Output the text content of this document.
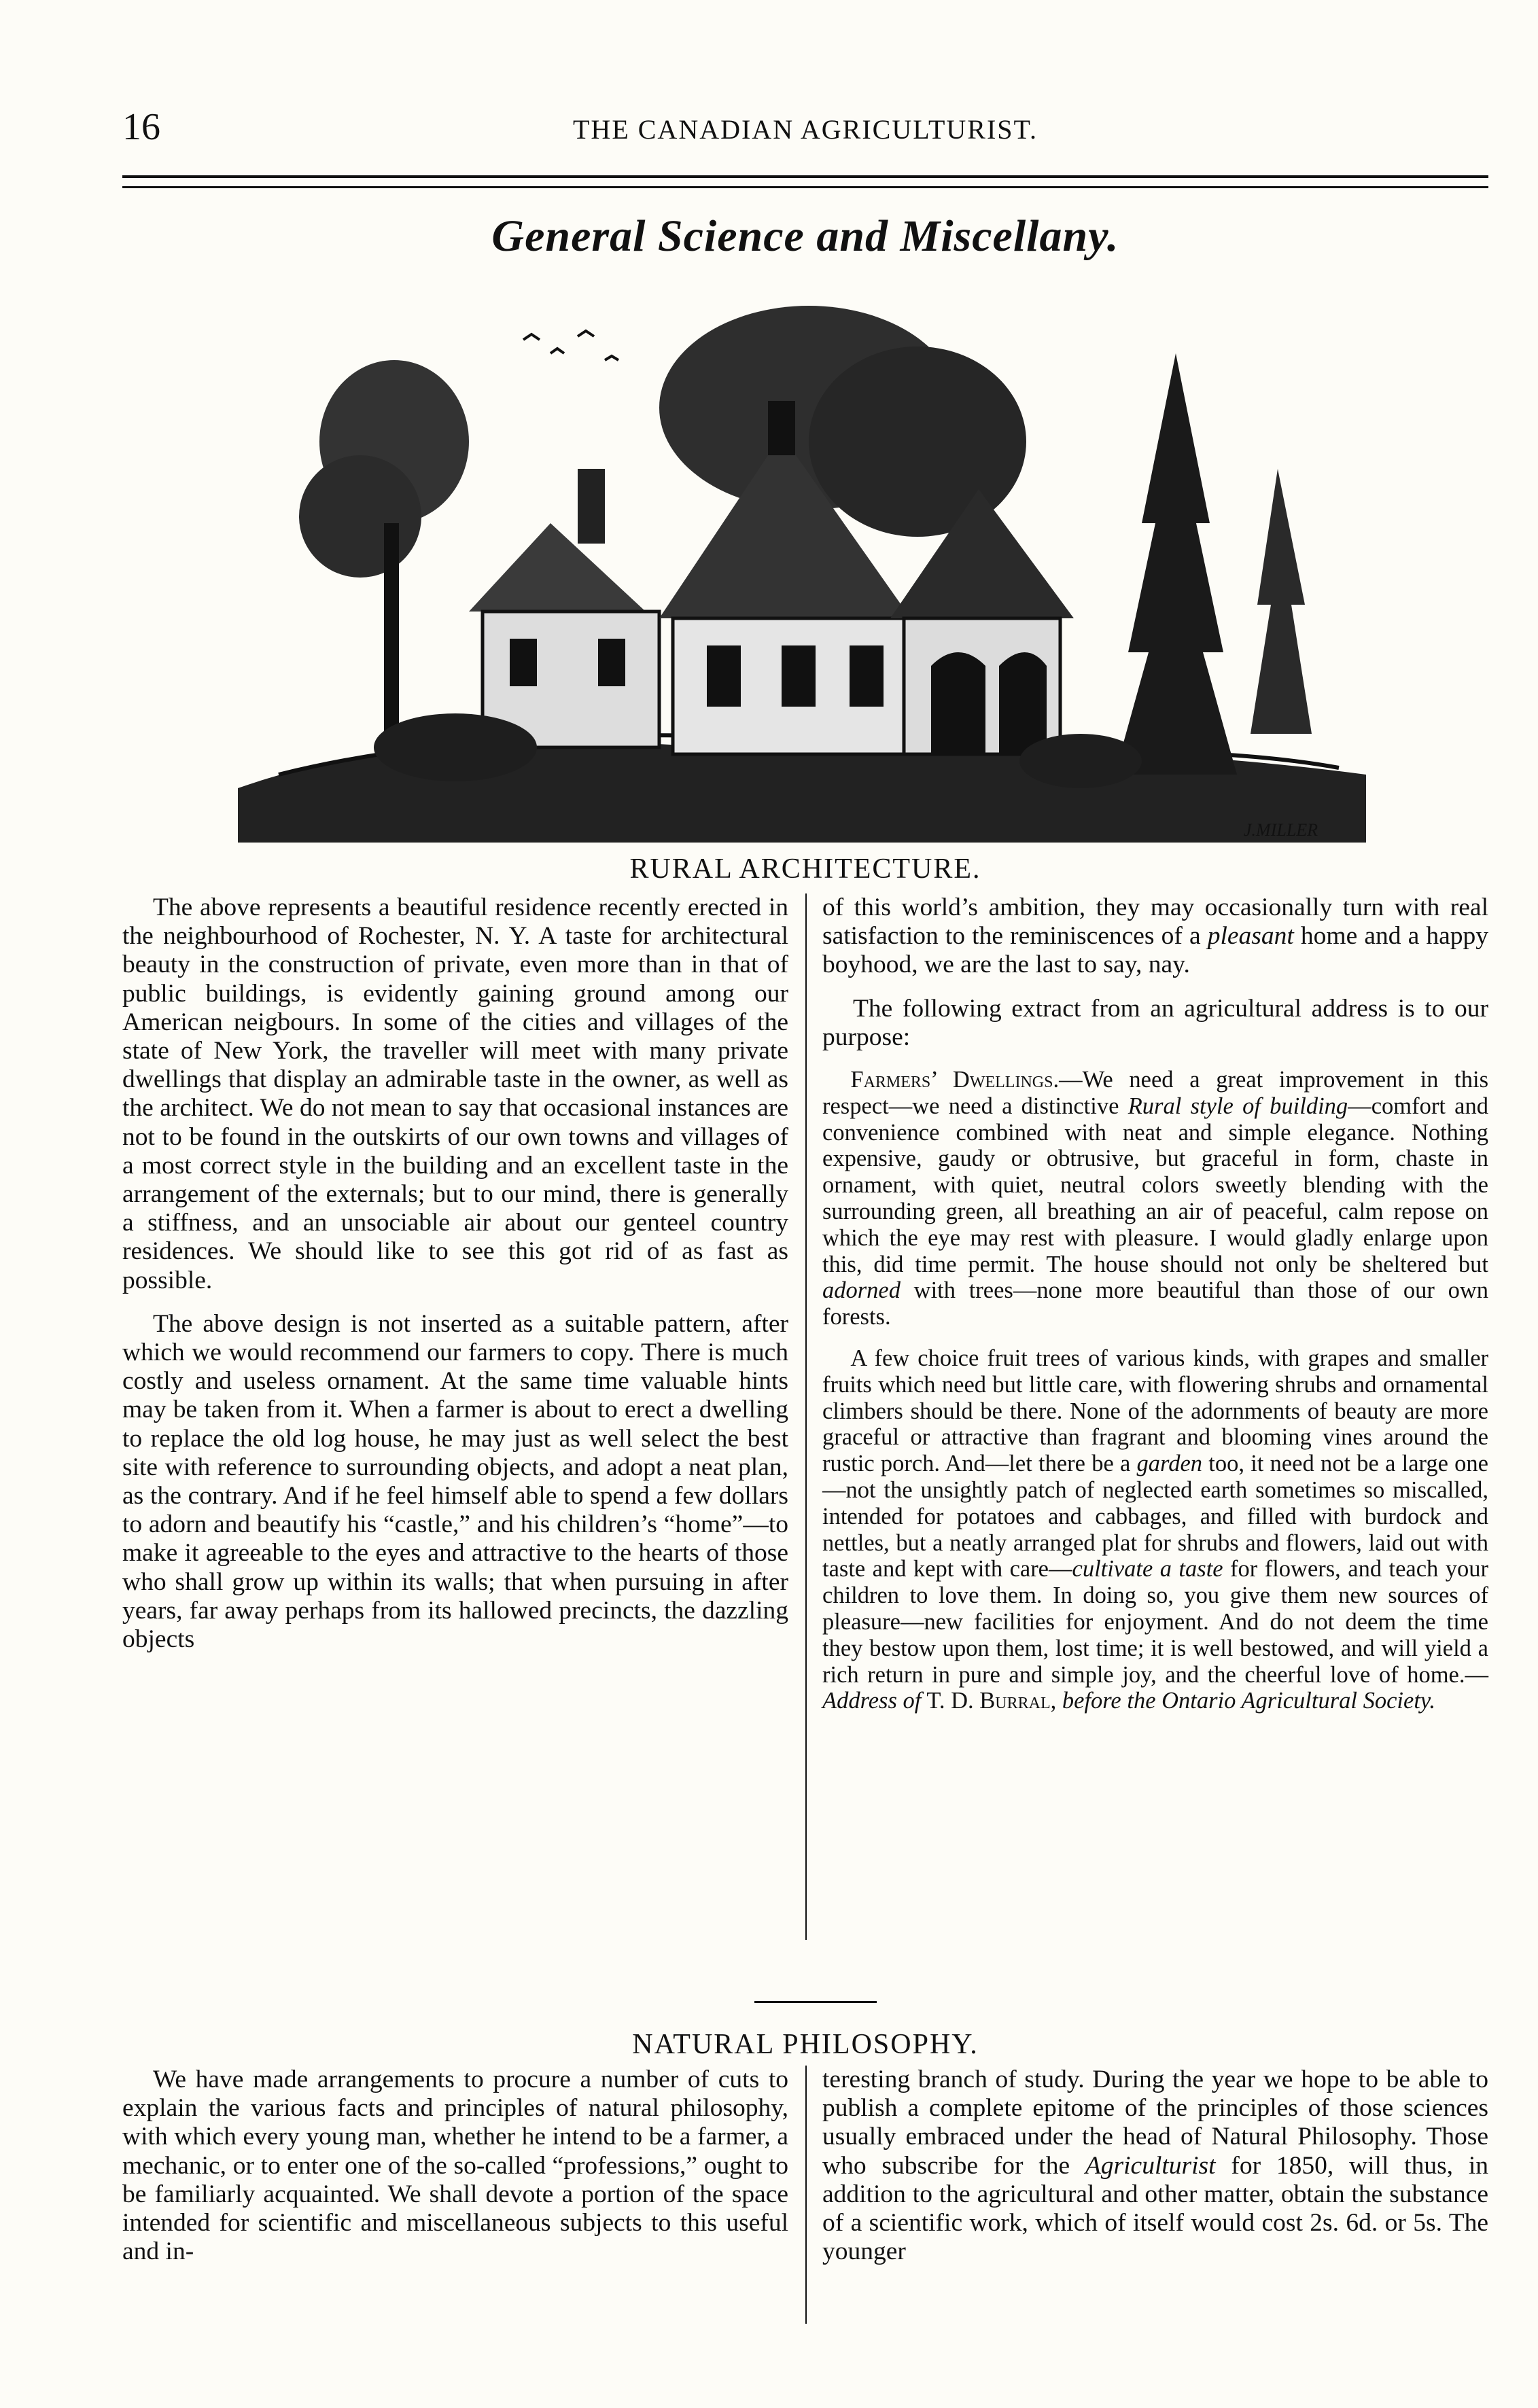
16	THE CANADIAN AGRICULTURIST.
General Science and Miscellany.
J.MILLER
RURAL ARCHITECTURE.

The above represents a beautiful residence recently erected in the neighbourhood of Rochester, N. Y. A taste for architectural beauty in the construction of private, even more than in that of public buildings, is evidently gaining ground among our American neigbours. In some of the cities and villages of the state of New York, the traveller will meet with many private dwellings that display an admirable taste in the owner, as well as the architect. We do not mean to say that occasional instances are not to be found in the outskirts of our own towns and villages of a most correct style in the building and an excellent taste in the arrangement of the externals; but to our mind, there is generally a stiffness, and an unsociable air about our genteel country residences. We should like to see this got rid of as fast as possible.

The above design is not inserted as a suitable pattern, after which we would recommend our farmers to copy. There is much costly and useless ornament. At the same time valuable hints may be taken from it. When a farmer is about to erect a dwelling to replace the old log house, he may just as well select the best site with reference to surrounding objects, and adopt a neat plan, as the contrary. And if he feel himself able to spend a few dollars to adorn and beautify his “castle,” and his children’s “home”—to make it agreeable to the eyes and attractive to the hearts of those who shall grow up within its walls; that when pursuing in after years, far away perhaps from its hallowed precincts, the dazzling objects

of this world’s ambition, they may occasionally turn with real satisfaction to the reminiscences of a pleasant home and a happy boyhood, we are the last to say, nay.

The following extract from an agricultural address is to our purpose:

Farmers’ Dwellings.—We need a great improvement in this respect—we need a distinctive Rural style of building—comfort and convenience combined with neat and simple elegance. Nothing expensive, gaudy or obtrusive, but graceful in form, chaste in ornament, with quiet, neutral colors sweetly blending with the surrounding green, all breathing an air of peaceful, calm repose on which the eye may rest with pleasure. I would gladly enlarge upon this, did time permit. The house should not only be sheltered but adorned with trees—none more beautiful than those of our own forests.

A few choice fruit trees of various kinds, with grapes and smaller fruits which need but little care, with flowering shrubs and ornamental climbers should be there. None of the adornments of beauty are more graceful or attractive than fragrant and blooming vines around the rustic porch. And—let there be a garden too, it need not be a large one—not the unsightly patch of neglected earth sometimes so miscalled, intended for potatoes and cabbages, and filled with burdock and nettles, but a neatly arranged plat for shrubs and flowers, laid out with taste and kept with care—cultivate a taste for flowers, and teach your children to love them. In doing so, you give them new sources of pleasure—new facilities for enjoyment. And do not deem the time they bestow upon them, lost time; it is well bestowed, and will yield a rich return in pure and simple joy, and the cheerful love of home.—Address of T. D. Burral, before the Ontario Agricultural Society.

NATURAL PHILOSOPHY.

We have made arrangements to procure a number of cuts to explain the various facts and principles of natural philosophy, with which every young man, whether he intend to be a farmer, a mechanic, or to enter one of the so-called “professions,” ought to be familiarly acquainted. We shall devote a portion of the space intended for scientific and miscellaneous subjects to this useful and in-

teresting branch of study. During the year we hope to be able to publish a complete epitome of the principles of those sciences usually embraced under the head of Natural Philosophy. Those who subscribe for the Agriculturist for 1850, will thus, in addition to the agricultural and other matter, obtain the substance of a scientific work, which of itself would cost 2s. 6d. or 5s. The younger
